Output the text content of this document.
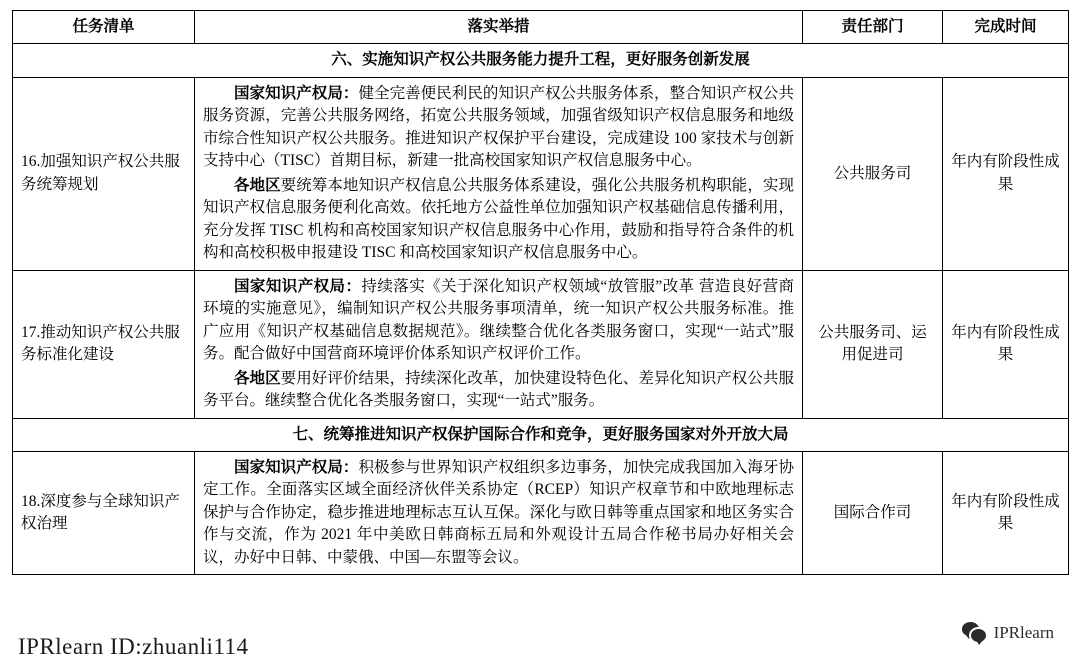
任务清单	落实举措	责任部门	完成时间
六、实施知识产权公共服务能力提升工程，更好服务创新发展			
16.加强知识产权公共服务统筹规划	国家知识产权局：健全完善便民利民的知识产权公共服务体系，整合知识产权公共服务资源，完善公共服务网络，拓宽公共服务领域，加强省级知识产权信息服务和地级市综合性知识产权公共服务。推进知识产权保护平台建设，完成建设 100 家技术与创新支持中心（TISC）首期目标，新建一批高校国家知识产权信息服务中心。

各地区要统筹本地知识产权信息公共服务体系建设，强化公共服务机构职能，实现知识产权信息服务便利化高效。依托地方公益性单位加强知识产权基础信息传播利用，充分发挥 TISC 机构和高校国家知识产权信息服务中心作用，鼓励和指导符合条件的机构和高校积极申报建设 TISC 和高校国家知识产权信息服务中心。	公共服务司	年内有阶段性成果
17.推动知识产权公共服务标准化建设	国家知识产权局：持续落实《关于深化知识产权领域“放管服”改革 营造良好营商环境的实施意见》，编制知识产权公共服务事项清单，统一知识产权公共服务标准。推广应用《知识产权基础信息数据规范》。继续整合优化各类服务窗口，实现“一站式”服务。配合做好中国营商环境评价体系知识产权评价工作。

各地区要用好评价结果，持续深化改革，加快建设特色化、差异化知识产权公共服务平台。继续整合优化各类服务窗口，实现“一站式”服务。	公共服务司、运用促进司	年内有阶段性成果
七、统筹推进知识产权保护国际合作和竞争，更好服务国家对外开放大局			
18.深度参与全球知识产权治理	国家知识产权局：积极参与世界知识产权组织多边事务，加快完成我国加入海牙协定工作。全面落实区域全面经济伙伴关系协定（RCEP）知识产权章节和中欧地理标志保护与合作协定，稳步推进地理标志互认互保。深化与欧日韩等重点国家和地区务实合作与交流，作为 2021 年中美欧日韩商标五局和外观设计五局合作秘书局办好相关会议，办好中日韩、中蒙俄、中国—东盟等会议。	国际合作司	年内有阶段性成果
IPRlearn ID:zhuanli114
IPRlearn
